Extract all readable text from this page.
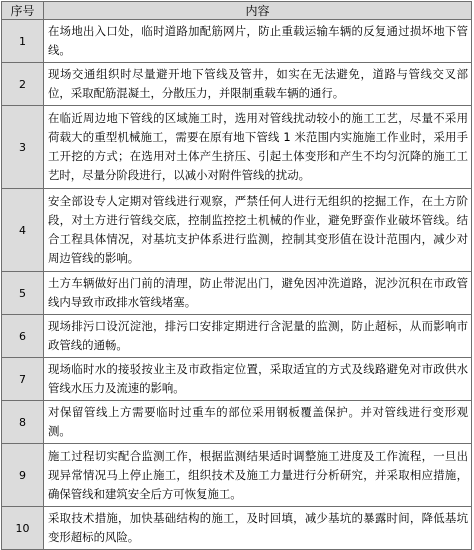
序号	内容
1	在场地出入口处，临时道路加配筋网片，防止重载运输车辆的反复通过损坏地下管线。
2	现场交通组织时尽量避开地下管线及管井，如实在无法避免，道路与管线交叉部位，采取配筋混凝土，分散压力，并限制重载车辆的通行。
3	在临近周边地下管线的区域施工时，选用对管线扰动较小的施工工艺，尽量不采用荷载大的重型机械施工，需要在原有地下管线 1 米范围内实施施工作业时，采用手工开挖的方式；在选用对土体产生挤压、引起土体变形和产生不均匀沉降的施工工艺时，尽量分阶段进行，以减小对附件管线的扰动。
4	安全部设专人定期对管线进行观察，严禁任何人进行无组织的挖掘工作，在土方阶段，对土方进行管线交底，控制监控挖土机械的作业，避免野蛮作业破坏管线。结合工程具体情况，对基坑支护体系进行监测，控制其变形值在设计范围内，减少对周边管线的影响。
5	土方车辆做好出门前的清理，防止带泥出门，避免因冲洗道路，泥沙沉积在市政管线内导致市政排水管线堵塞。
6	现场排污口设沉淀池，排污口安排定期进行含泥量的监测，防止超标，从而影响市政管线的通畅。
7	现场临时水的接驳按业主及市政指定位置，采取适宜的方式及线路避免对市政供水管线水压力及流速的影响。
8	对保留管线上方需要临时过重车的部位采用钢板覆盖保护。并对管线进行变形观测。
9	施工过程切实配合监测工作，根据监测结果适时调整施工进度及工作流程，一旦出现异常情况马上停止施工，组织技术及施工力量进行分析研究，并采取相应措施，确保管线和建筑安全后方可恢复施工。
10	采取技术措施，加快基础结构的施工，及时回填，减少基坑的暴露时间，降低基坑变形超标的风险。
